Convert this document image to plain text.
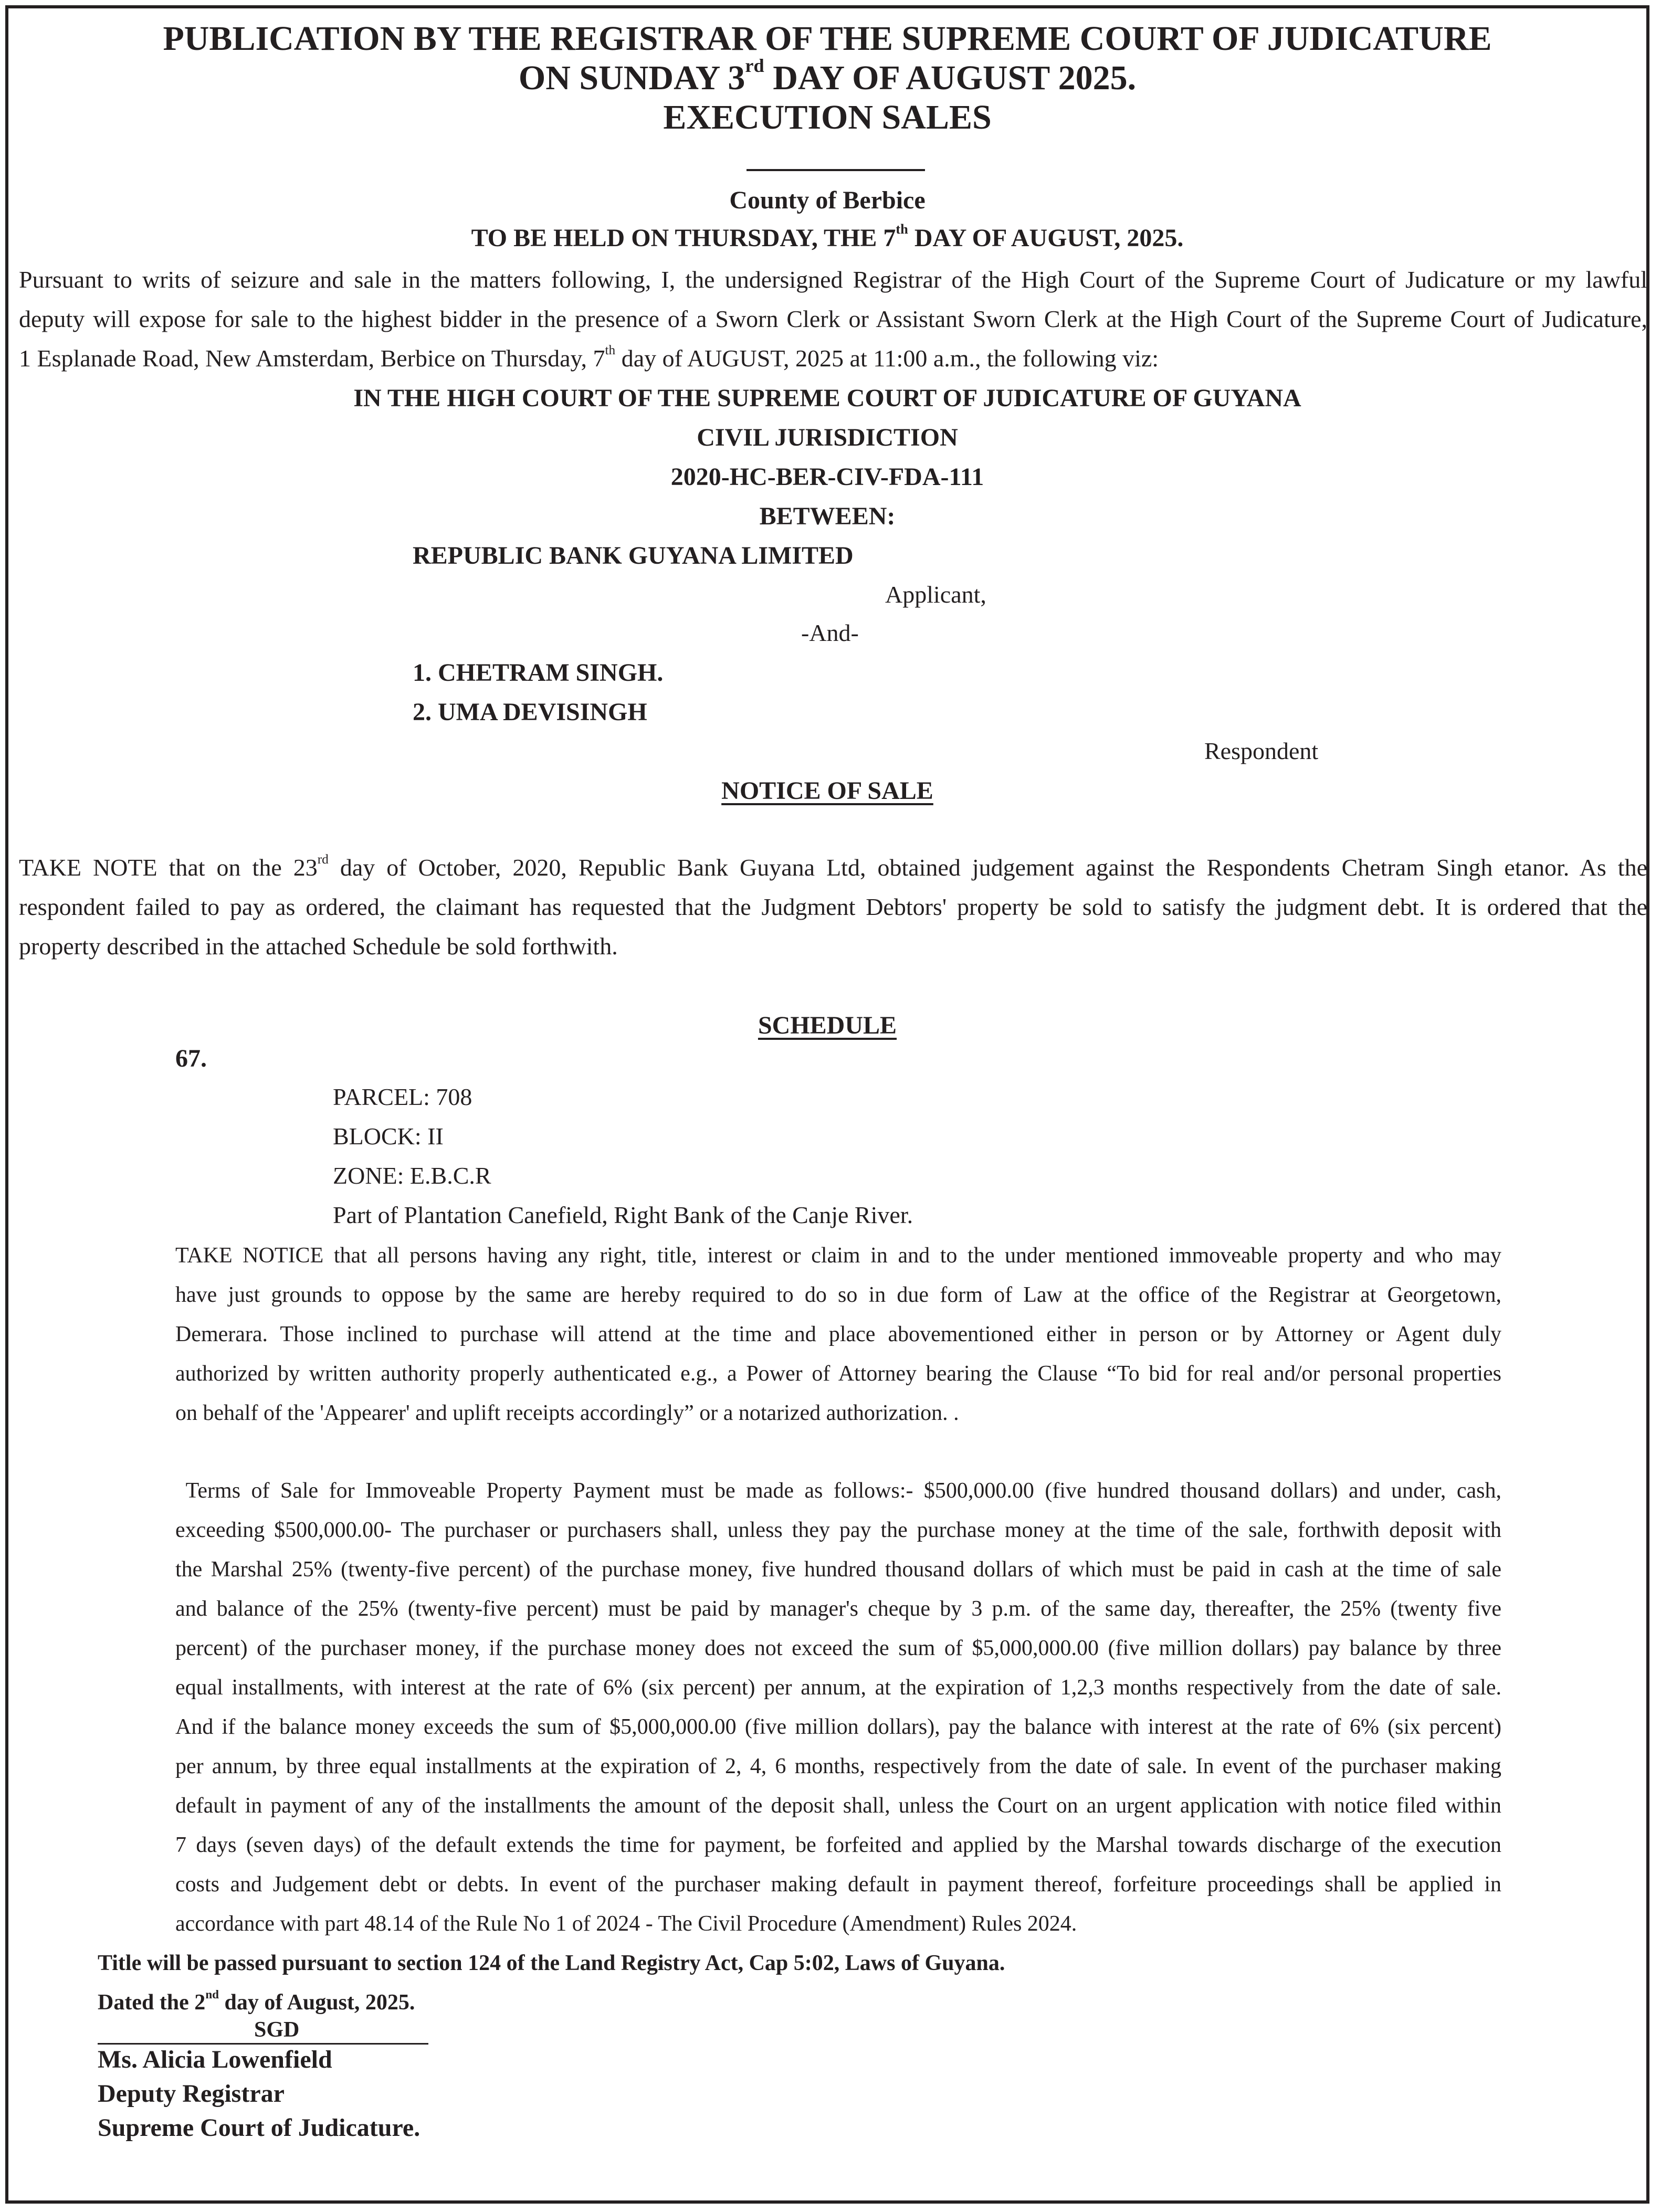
PUBLICATION BY THE REGISTRAR OF THE SUPREME COURT OF JUDICATURE
ON SUNDAY 3rd DAY OF AUGUST 2025.
EXECUTION SALES
County of Berbice
TO BE HELD ON THURSDAY, THE 7th DAY OF AUGUST, 2025.
Pursuant to writs of seizure and sale in the matters following, I, the undersigned Registrar of the High Court of the Supreme Court of Judicature or my lawful
deputy will expose for sale to the highest bidder in the presence of a Sworn Clerk or Assistant Sworn Clerk at the High Court of the Supreme Court of Judicature,
1 Esplanade Road, New Amsterdam, Berbice on Thursday, 7th day of AUGUST, 2025 at 11:00 a.m., the following viz:
IN THE HIGH COURT OF THE SUPREME COURT OF JUDICATURE OF GUYANA
CIVIL JURISDICTION
2020-HC-BER-CIV-FDA-111
BETWEEN:
REPUBLIC BANK GUYANA LIMITED
Applicant,
-And-
1. CHETRAM SINGH.
2. UMA DEVISINGH
Respondent
NOTICE OF SALE
TAKE NOTE that on the 23rd day of October, 2020, Republic Bank Guyana Ltd, obtained judgement against the Respondents Chetram Singh etanor. As the
respondent failed to pay as ordered, the claimant has requested that the Judgment Debtors' property be sold to satisfy the judgment debt. It is ordered that the
property described in the attached Schedule be sold forthwith.
SCHEDULE
67.
PARCEL: 708
BLOCK: II
ZONE: E.B.C.R
Part of Plantation Canefield, Right Bank of the Canje River.
TAKE NOTICE that all persons having any right, title, interest or claim in and to the under mentioned immoveable property and who may
have just grounds to oppose by the same are hereby required to do so in due form of Law at the office of the Registrar at Georgetown,
Demerara. Those inclined to purchase will attend at the time and place abovementioned either in person or by Attorney or Agent duly
authorized by written authority properly authenticated e.g., a Power of Attorney bearing the Clause “To bid for real and/or personal properties
on behalf of the 'Appearer' and uplift receipts accordingly” or a notarized authorization. .
Terms of Sale for Immoveable Property Payment must be made as follows:- $500,000.00 (five hundred thousand dollars) and under, cash,
exceeding $500,000.00- The purchaser or purchasers shall, unless they pay the purchase money at the time of the sale, forthwith deposit with
the Marshal 25% (twenty-five percent) of the purchase money, five hundred thousand dollars of which must be paid in cash at the time of sale
and balance of the 25% (twenty-five percent) must be paid by manager's cheque by 3 p.m. of the same day, thereafter, the 25% (twenty five
percent) of the purchaser money, if the purchase money does not exceed the sum of $5,000,000.00 (five million dollars) pay balance by three
equal installments, with interest at the rate of 6% (six percent) per annum, at the expiration of 1,2,3 months respectively from the date of sale.
And if the balance money exceeds the sum of $5,000,000.00 (five million dollars), pay the balance with interest at the rate of 6% (six percent)
per annum, by three equal installments at the expiration of 2, 4, 6 months, respectively from the date of sale. In event of the purchaser making
default in payment of any of the installments the amount of the deposit shall, unless the Court on an urgent application with notice filed within
7 days (seven days) of the default extends the time for payment, be forfeited and applied by the Marshal towards discharge of the execution
costs and Judgement debt or debts. In event of the purchaser making default in payment thereof, forfeiture proceedings shall be applied in
accordance with part 48.14 of the Rule No 1 of 2024 - The Civil Procedure (Amendment) Rules 2024.
Title will be passed pursuant to section 124 of the Land Registry Act, Cap 5:02, Laws of Guyana.
Dated the 2nd day of August, 2025.
SGD
Ms. Alicia Lowenfield
Deputy Registrar
Supreme Court of Judicature.
